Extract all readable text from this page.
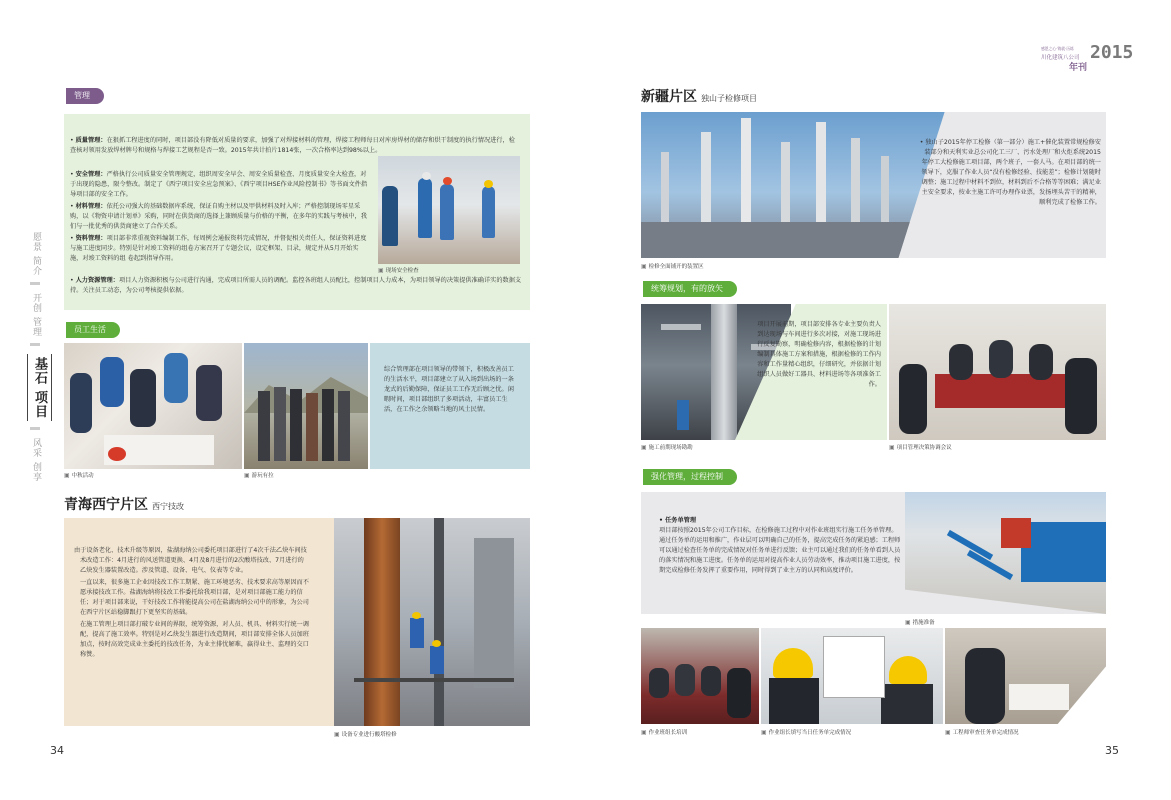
愿景 简介
开创 管理
基石 项目
风采 创享
管理
• 质量管理：在狠抓工程进度的同时，项目部没有降低对质量的要求，加强了对焊接材料的管理，焊接工程师每日对库房焊材的储存和烘干制度的执行情况进行，检查核对领用发放焊材牌号和规格与焊接工艺规程是否一致。2015年共计拍片1814张，一次合格率达到98%以上。

• 安全管理：严格执行公司质量安全管理规定，组织周安全早会、周安全质量检查、月度质量安全大检查，对于出现的隐患，限令整改。制定了《西宁项目安全应急预案》、《西宁项目HSE作业风险控制书》等书面文件指导项目部的安全工作。

• 材料管理：依托公司强大的基础数据库系统，保证自购主材以及甲供材料及时入库；严格控制现场零星采购，以《物资申请计划单》采购，同时在供货商的选择上兼顾质量与价格的平衡，在多年的实践与考核中，我们与一批优秀的供货商建立了合作关系。

• 资料管理：项目部非常重视资料编制工作，每周例会通报资料完成情况，并督促相关责任人，保证资料进度与施工进度同步。特别是针对竣工资料的组卷方案召开了专题会议，设定框架、目录，规定并从5月开始实施，对竣工资料的组 卷起到指导作用。

• 人力资源管理：项目人力资源积极与公司进行沟通，完成项目所需人员的调配。监控各班组人员配比，控制项目人力成本，为项目领导的决策提供准确详实的数据支持。关注员工动态，为公司考核提供依据。
▣ 现场安全检查
员工生活
▣ 中秋活动	▣ 游玩有拉
综合管理部在项目领导的带领下，积极改善员工的生活水平，项目部建立了从入场到出场的一条龙式的后勤保障，保证员工工作无后顾之忧。闲暇时间，项目部组织了多项活动，丰富员工生活，在工作之余领略当地的风土民情。
青海西宁片区 西宁技改

由于设备老化、技术升级等原因，盐湖海纳公司委托项目部进行了4次千法乙炔车间技术改造工作：4月进行的风送管道更换、4月及8月进行的2次酸塔技改、7月进行的乙炔发生器装置改造。涉及管道、设备、电气、仪表等专业。

一直以来，很多施工企业因技改工作工期紧、施工环境恶劣、技术要求高等原因而不愿承接技改工作。盐湖海纳将技改工作委托给我项目部，是对项目部施工能力的信任；对于项目部来说，干好技改工作将能提高公司在盐湖海纳公司中的形象，为公司在西宁片区站稳脚跟打下更坚实的基础。

在施工管理上项目部打破专业间的界限，统筹资源，对人员、机具、材料实行统一调配，提高了施工效率。特别是对乙炔发生器进行改造期间，项目部安排全体人员加班加点，按时高效完成业主委托的技改任务，为业主排忧解难，赢得业主、监理的交口称赞。

▣ 设备专业进行酸塔检修
34
感恩之心·铸就·历练
川化建筑八公司 2015
年刊
新疆片区 独山子检修项目
• 独山子2015年停工检修（第一部分）施工+催化装置常规检修安装部分和天利实业总公司化工三厂、污水处理厂和火炬系统2015年停工大检修施工项目部，两个班子，一套人马。在项目部的统一领导下，克服了作业人员“没有检修经验、技能差”；检修计划随时调整；施工过程中材料不到位，材料到后不合格等等困难；满足业主安全要求，按业主施工许可办理作业票，发扬埋头苦干的精神，顺利完成了检修工作。
▣ 检修全面铺开的装置区
统筹规划，有的放矢
项目开展前期，项目部安排各专业主要负责人到达现场与车间进行多次对接，对施工现场进行反复勘察，明确检修内容，根据检修的计划编制具体施工方案和措施，根据检修的工作内容和工作量精心组织，仔细研究，并依据计划组织人员做好工器具、材料进场等各项准备工作。
▣ 施工前期现场勘勘	▣ 项目管理决策协调会议
强化管理，过程控制
• 任务单管理
项目部按照2015年公司工作目标，在检修施工过程中对作业班组实行施工任务单管理。通过任务单的运用和推广，作业层可以明确自己的任务，提高完成任务的紧迫感；工程师可以通过检查任务单的完成情况对任务单进行反馈；业主可以通过我们的任务单看到人员的落实情况和施工进度。任务单的运用对提高作业人员劳动效率，推动项目施工进度，按期完成检修任务发挥了重要作用，同时得到了业主方的认同和高度评价。
▣ 措施准备
▣ 作业班组长培训	▣ 作业组长填写当日任务单完成情况	▣ 工程师审查任务单完成情况
35
